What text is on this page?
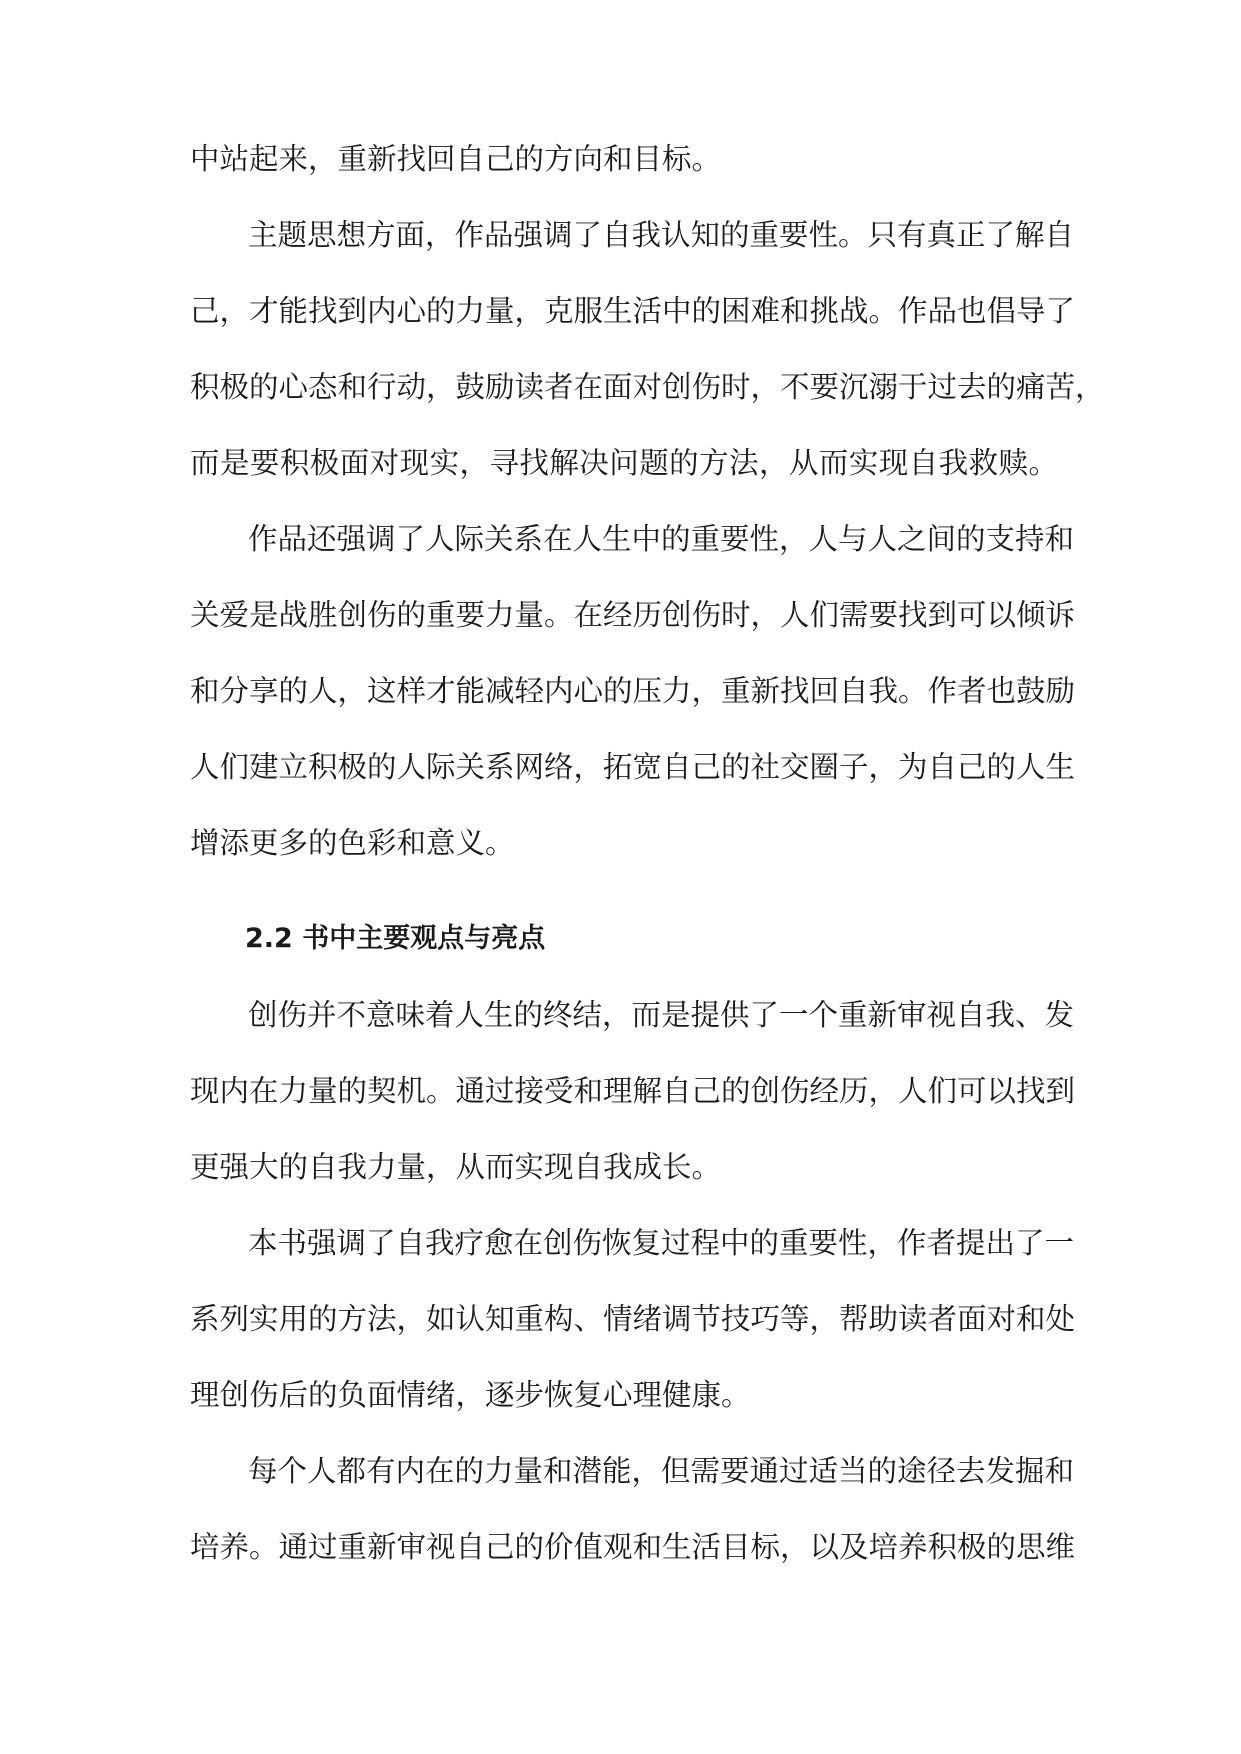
中站起来，重新找回自己的方向和目标。
主题思想方面，作品强调了自我认知的重要性。只有真正了解自
己，才能找到内心的力量，克服生活中的困难和挑战。作品也倡导了
积极的心态和行动，鼓励读者在面对创伤时，不要沉溺于过去的痛苦，
而是要积极面对现实，寻找解决问题的方法，从而实现自我救赎。
作品还强调了人际关系在人生中的重要性，人与人之间的支持和
关爱是战胜创伤的重要力量。在经历创伤时，人们需要找到可以倾诉
和分享的人，这样才能减轻内心的压力，重新找回自我。作者也鼓励
人们建立积极的人际关系网络，拓宽自己的社交圈子，为自己的人生
增添更多的色彩和意义。
2.2 书中主要观点与亮点
创伤并不意味着人生的终结，而是提供了一个重新审视自我、发
现内在力量的契机。通过接受和理解自己的创伤经历，人们可以找到
更强大的自我力量，从而实现自我成长。
本书强调了自我疗愈在创伤恢复过程中的重要性，作者提出了一
系列实用的方法，如认知重构、情绪调节技巧等，帮助读者面对和处
理创伤后的负面情绪，逐步恢复心理健康。
每个人都有内在的力量和潜能，但需要通过适当的途径去发掘和
培养。通过重新审视自己的价值观和生活目标，以及培养积极的思维
